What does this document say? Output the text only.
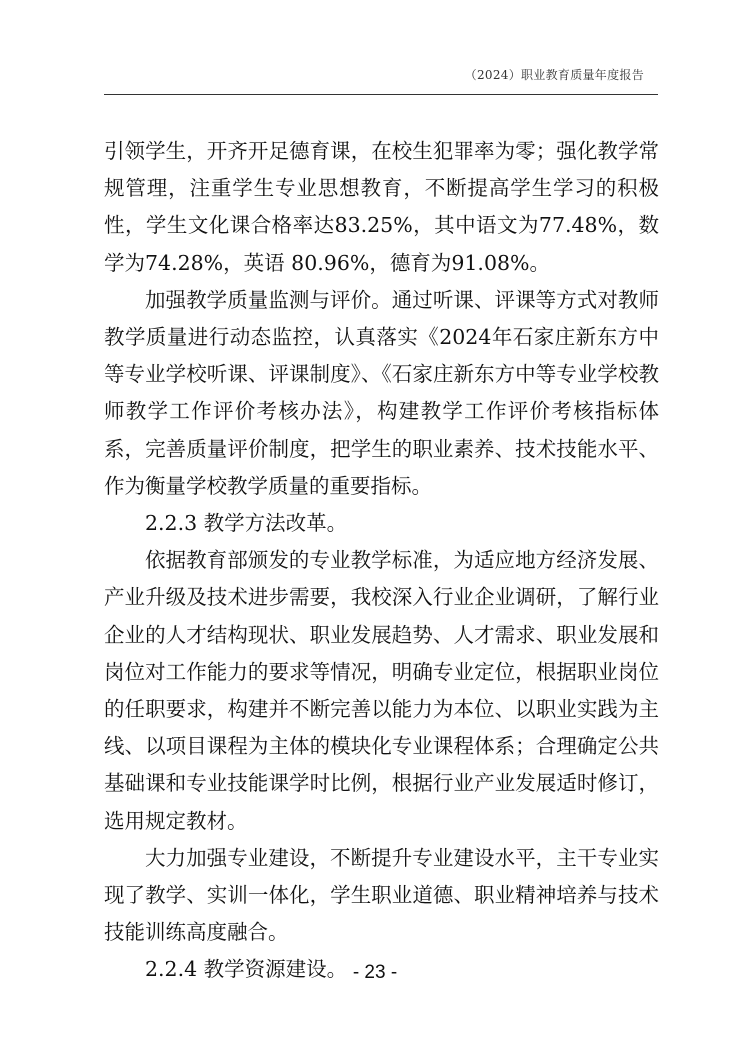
（2024）职业教育质量年度报告

引领学生，开齐开足德育课，在校生犯罪率为零；强化教学常规管理，注重学生专业思想教育，不断提高学生学习的积极性，学生文化课合格率达83.25%，其中语文为77.48%，数学为74.28%，英语 80.96%，德育为91.08%。

加强教学质量监测与评价。通过听课、评课等方式对教师教学质量进行动态监控，认真落实《2024年石家庄新东方中等专业学校听课、评课制度》、《石家庄新东方中等专业学校教师教学工作评价考核办法》，构建教学工作评价考核指标体系，完善质量评价制度，把学生的职业素养、技术技能水平、作为衡量学校教学质量的重要指标。

2.2.3 教学方法改革。

依据教育部颁发的专业教学标准，为适应地方经济发展、产业升级及技术进步需要，我校深入行业企业调研，了解行业企业的人才结构现状、职业发展趋势、人才需求、职业发展和岗位对工作能力的要求等情况，明确专业定位，根据职业岗位的任职要求，构建并不断完善以能力为本位、以职业实践为主线、以项目课程为主体的模块化专业课程体系；合理确定公共基础课和专业技能课学时比例，根据行业产业发展适时修订，选用规定教材。

大力加强专业建设，不断提升专业建设水平，主干专业实现了教学、实训一体化，学生职业道德、职业精神培养与技术技能训练高度融合。

2.2.4 教学资源建设。 - 23 -
